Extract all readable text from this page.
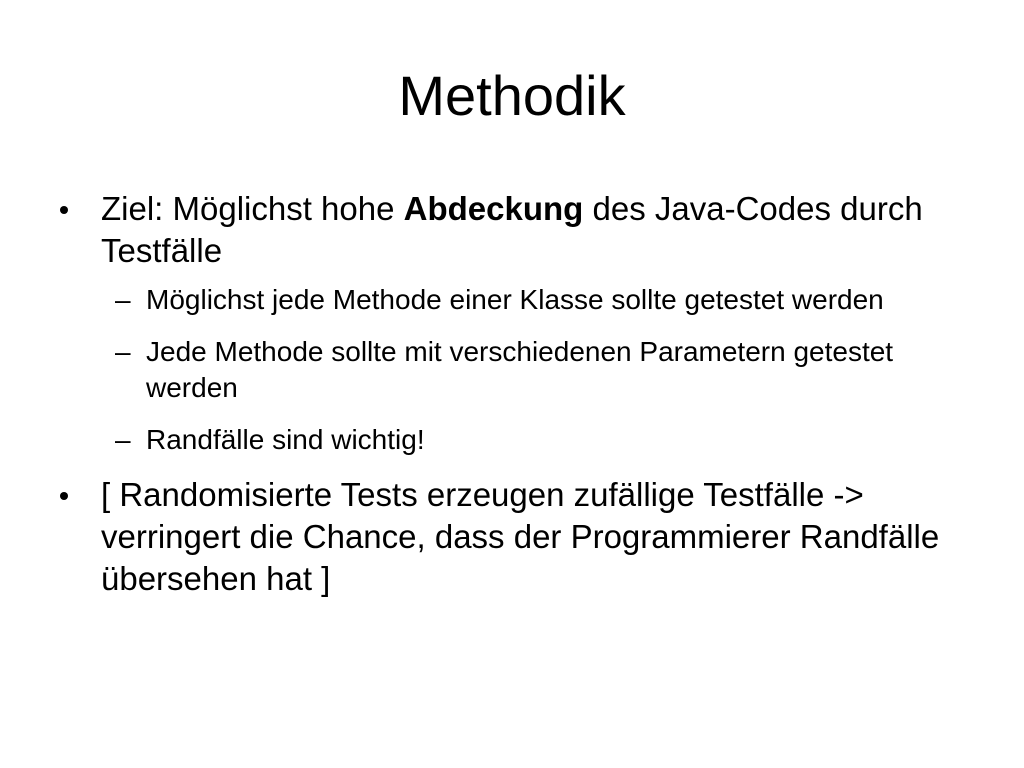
Methodik
Ziel: Möglichst hohe Abdeckung des Java-Codes durch Testfälle
– Möglichst jede Methode einer Klasse sollte getestet werden
– Jede Methode sollte mit verschiedenen Parametern getestet werden
– Randfälle sind wichtig!
[ Randomisierte Tests erzeugen zufällige Testfälle -> verringert die Chance, dass der Programmierer Randfälle übersehen hat ]
